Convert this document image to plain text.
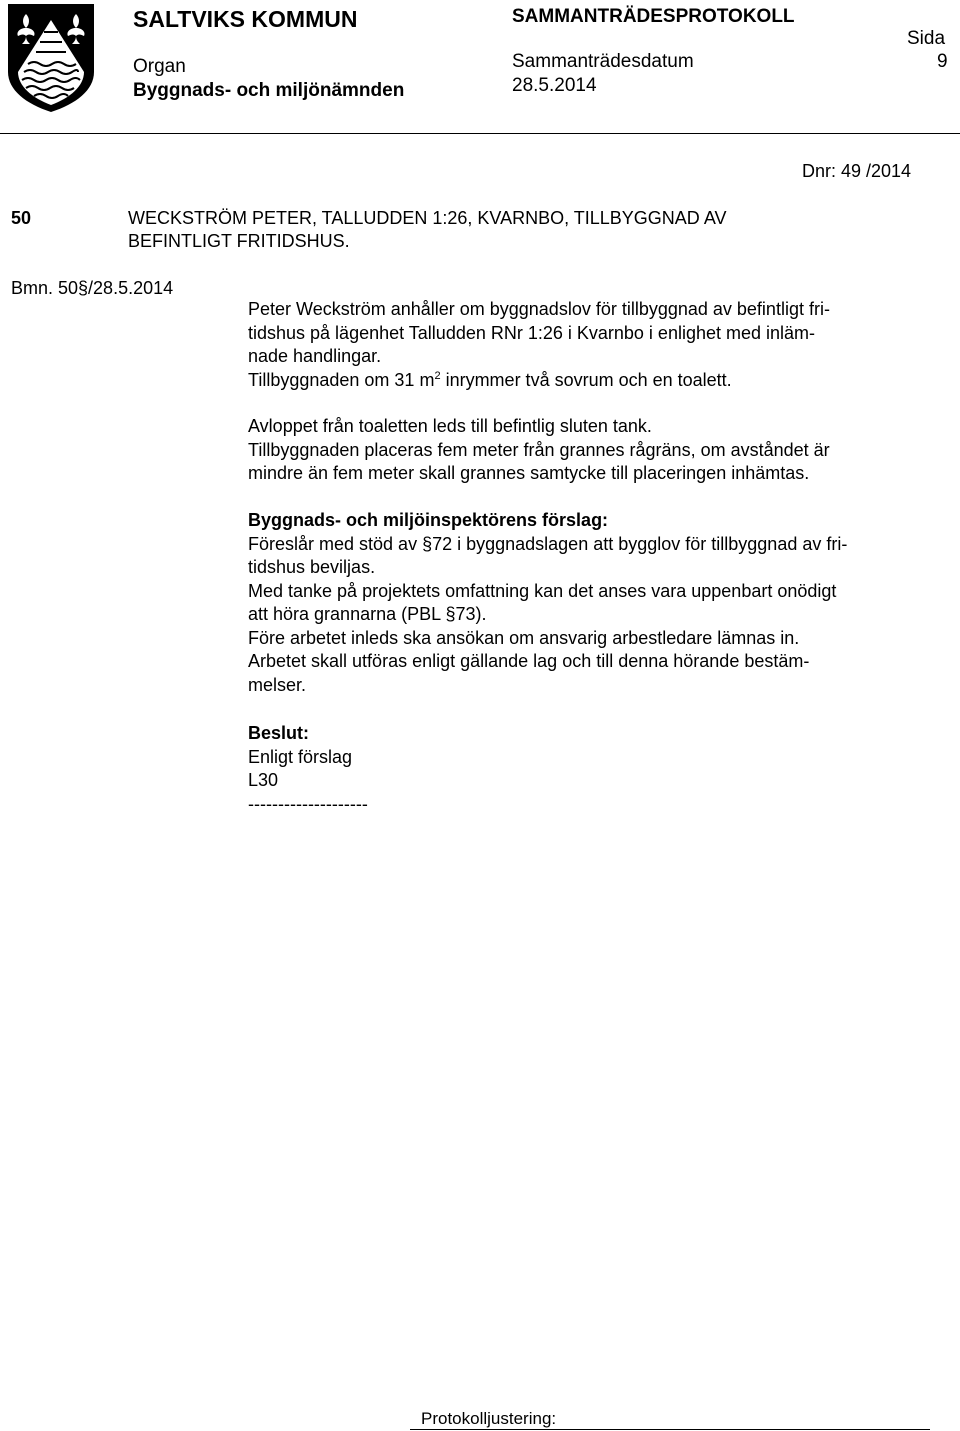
SALTVIKS KOMMUN
Organ
Byggnads- och miljönämnden
SAMMANTRÄDESPROTOKOLL
Sammanträdesdatum
28.5.2014
Sida
9
Dnr: 49 /2014
50	WECKSTRÖM PETER, TALLUDDEN 1:26, KVARNBO, TILLBYGGNAD AV
BEFINTLIGT FRITIDSHUS.
Bmn. 50§/28.5.2014
Peter Weckström anhåller om byggnadslov för tillbyggnad av befintligt fri-
tidshus på lägenhet Talludden RNr 1:26 i Kvarnbo i enlighet med inläm-
nade handlingar.
Tillbyggnaden om 31 $m^2$ inrymmer två sovrum och en toalett.
Avloppet från toaletten leds till befintlig sluten tank.
Tillbyggnaden placeras fem meter från grannes rågräns, om avståndet är
mindre än fem meter skall grannes samtycke till placeringen inhämtas.
Byggnads- och miljöinspektörens förslag:
Föreslår med stöd av §72 i byggnadslagen att bygglov för tillbyggnad av fri-
tidshus beviljas.
Med tanke på projektets omfattning kan det anses vara uppenbart onödigt
att höra grannarna (PBL §73).
Före arbetet inleds ska ansökan om ansvarig arbestledare lämnas in.
Arbetet skall utföras enligt gällande lag och till denna hörande bestäm-
melser.
Beslut:
Enligt förslag
L30
--------------------
Protokolljustering:
